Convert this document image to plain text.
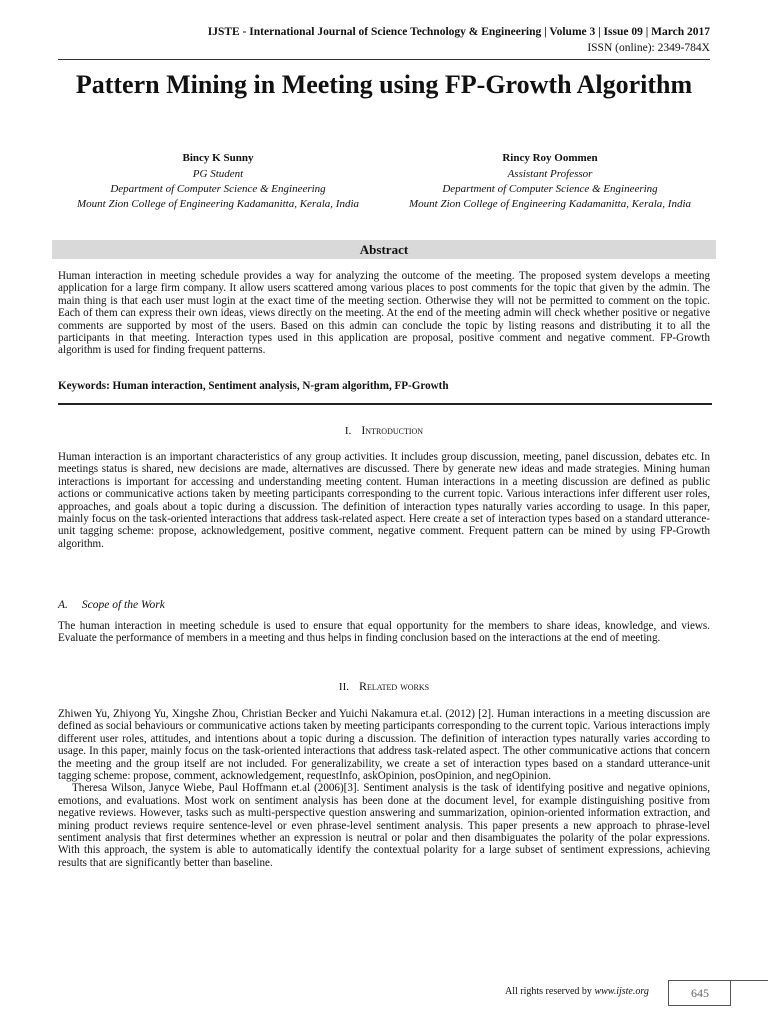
IJSTE - International Journal of Science Technology & Engineering | Volume 3 | Issue 09 | March 2017
ISSN (online): 2349-784X
Pattern Mining in Meeting using FP-Growth Algorithm
Bincy K Sunny
PG Student
Department of Computer Science & Engineering
Mount Zion College of Engineering Kadamanitta, Kerala, India
Rincy Roy Oommen
Assistant Professor
Department of Computer Science & Engineering
Mount Zion College of Engineering Kadamanitta, Kerala, India
Abstract
Human interaction in meeting schedule provides a way for analyzing the outcome of the meeting. The proposed system develops a meeting application for a large firm company. It allow users scattered among various places to post comments for the topic that given by the admin. The main thing is that each user must login at the exact time of the meeting section. Otherwise they will not be permitted to comment on the topic. Each of them can express their own ideas, views directly on the meeting. At the end of the meeting admin will check whether positive or negative comments are supported by most of the users. Based on this admin can conclude the topic by listing reasons and distributing it to all the participants in that meeting. Interaction types used in this application are proposal, positive comment and negative comment. FP-Growth algorithm is used for finding frequent patterns.
Keywords: Human interaction, Sentiment analysis, N-gram algorithm, FP-Growth
I. Introduction
Human interaction is an important characteristics of any group activities. It includes group discussion, meeting, panel discussion, debates etc. In meetings status is shared, new decisions are made, alternatives are discussed. There by generate new ideas and made strategies. Mining human interactions is important for accessing and understanding meeting content. Human interactions in a meeting discussion are defined as public actions or communicative actions taken by meeting participants corresponding to the current topic. Various interactions infer different user roles, approaches, and goals about a topic during a discussion. The definition of interaction types naturally varies according to usage. In this paper, mainly focus on the task-oriented interactions that address task-related aspect. Here create a set of interaction types based on a standard utterance-unit tagging scheme: propose, acknowledgement, positive comment, negative comment. Frequent pattern can be mined by using FP-Growth algorithm.
A. Scope of the Work
The human interaction in meeting schedule is used to ensure that equal opportunity for the members to share ideas, knowledge, and views. Evaluate the performance of members in a meeting and thus helps in finding conclusion based on the interactions at the end of meeting.
II. Related works

Zhiwen Yu, Zhiyong Yu, Xingshe Zhou, Christian Becker and Yuichi Nakamura et.al. (2012) [2]. Human interactions in a meeting discussion are defined as social behaviours or communicative actions taken by meeting participants corresponding to the current topic. Various interactions imply different user roles, attitudes, and intentions about a topic during a discussion. The definition of interaction types naturally varies according to usage. In this paper, mainly focus on the task-oriented interactions that address task-related aspect. The other communicative actions that concern the meeting and the group itself are not included. For generalizability, we create a set of interaction types based on a standard utterance-unit tagging scheme: propose, comment, acknowledgement, requestInfo, askOpinion, posOpinion, and negOpinion.

Theresa Wilson, Janyce Wiebe, Paul Hoffmann et.al (2006)[3]. Sentiment analysis is the task of identifying positive and negative opinions, emotions, and evaluations. Most work on sentiment analysis has been done at the document level, for example distinguishing positive from negative reviews. However, tasks such as multi-perspective question answering and summarization, opinion-oriented information extraction, and mining product reviews require sentence-level or even phrase-level sentiment analysis. This paper presents a new approach to phrase-level sentiment analysis that first determines whether an expression is neutral or polar and then disambiguates the polarity of the polar expressions. With this approach, the system is able to automatically identify the contextual polarity for a large subset of sentiment expressions, achieving results that are significantly better than baseline.

All rights reserved by www.ijste.org	645
